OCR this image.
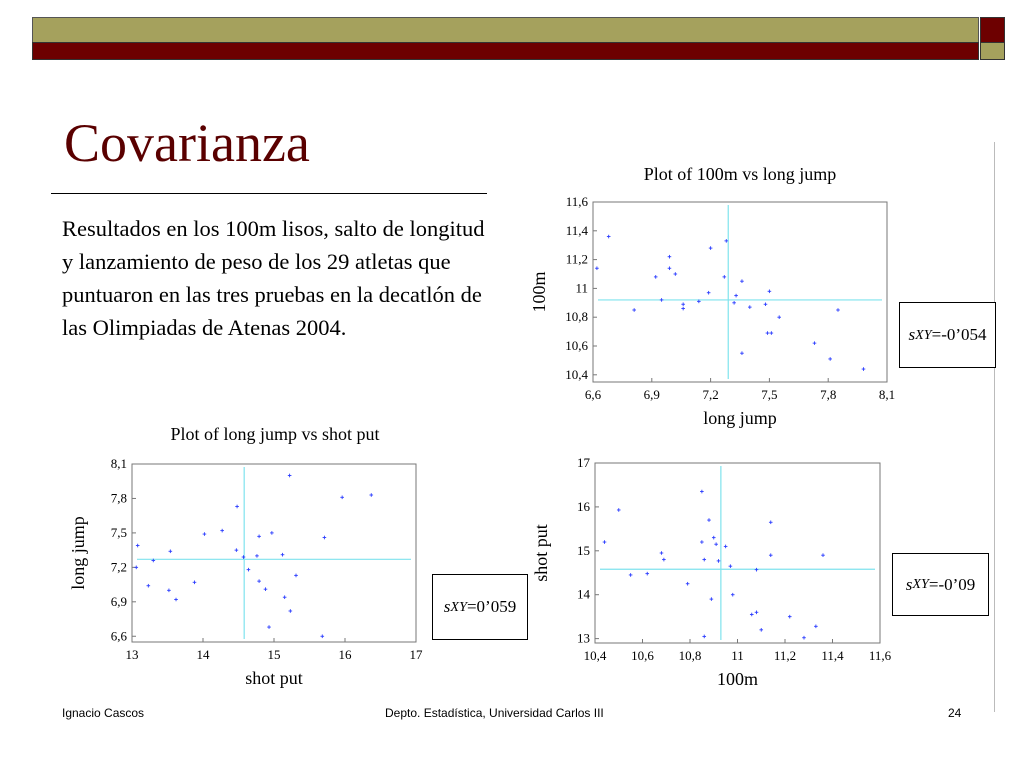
Covarianza
Resultados en los 100m lisos, salto de longitud y lanzamiento de peso de los 29 atletas que puntuaron en las tres pruebas en la decatlón de las Olimpiadas de Atenas 2004.
Plot of 100m vs long jump
6,6	6,9	7,2	7,5	7,8	8,1
10,4
10,6
10,8
11
11,2
11,4
11,6
long jump
100m
Plot of long jump vs shot put
13	14	15	16	17
6,6
6,9
7,2
7,5
7,8
8,1
shot put
long jump
10,4 10,6 10,8 11 11,2 11,4 11,6
13
14
15
16
17
100m
shot put
s XY =-0’054
s XY =0’059
s XY =-0’09
Ignacio Cascos	Depto. Estadística, Universidad Carlos III	24
